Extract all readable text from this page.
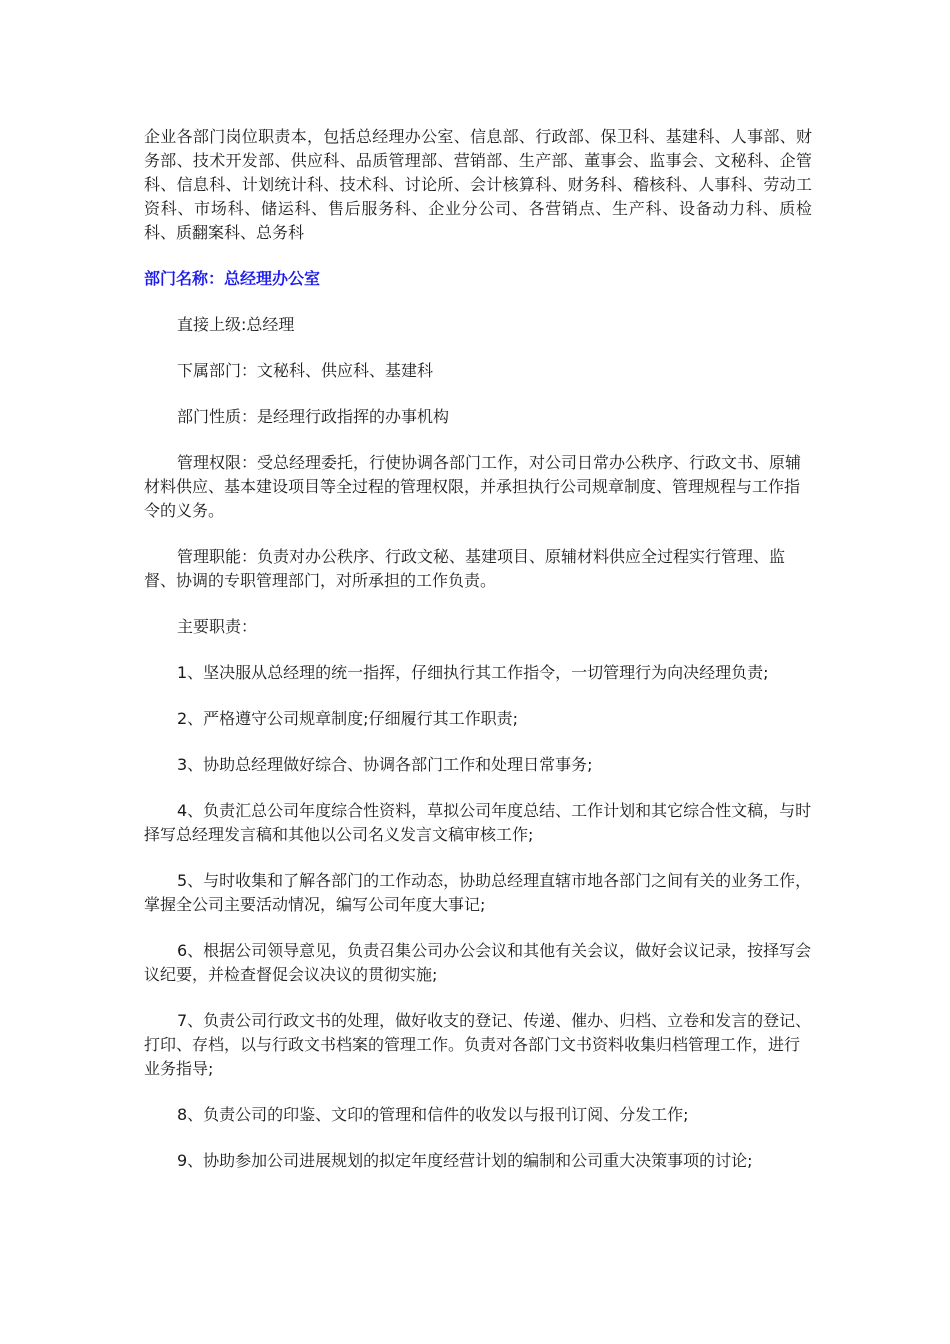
企业各部门岗位职责本，包括总经理办公室、信息部、行政部、保卫科、基建科、人事部、财务部、技术开发部、供应科、品质管理部、营销部、生产部、董事会、监事会、文秘科、企管科、信息科、计划统计科、技术科、讨论所、会计核算科、财务科、稽核科、人事科、劳动工资科、市场科、储运科、售后服务科、企业分公司、各营销点、生产科、设备动力科、质检科、质翻案科、总务科

部门名称：总经理办公室

直接上级:总经理

下属部门：文秘科、供应科、基建科

部门性质：是经理行政指挥的办事机构

管理权限：受总经理委托，行使协调各部门工作，对公司日常办公秩序、行政文书、原辅材料供应、基本建设项目等全过程的管理权限，并承担执行公司规章制度、管理规程与工作指令的义务。

管理职能：负责对办公秩序、行政文秘、基建项目、原辅材料供应全过程实行管理、监督、协调的专职管理部门，对所承担的工作负责。

主要职责：

1、坚决服从总经理的统一指挥，仔细执行其工作指令，一切管理行为向决经理负责;

2、严格遵守公司规章制度;仔细履行其工作职责;

3、协助总经理做好综合、协调各部门工作和处理日常事务;

4、负责汇总公司年度综合性资料，草拟公司年度总结、工作计划和其它综合性文稿，与时择写总经理发言稿和其他以公司名义发言文稿审核工作;

5、与时收集和了解各部门的工作动态，协助总经理直辖市地各部门之间有关的业务工作，掌握全公司主要活动情况，编写公司年度大事记;

6、根据公司领导意见，负责召集公司办公会议和其他有关会议，做好会议记录，按择写会议纪要，并检查督促会议决议的贯彻实施;

7、负责公司行政文书的处理，做好收支的登记、传递、催办、归档、立卷和发言的登记、打印、存档，以与行政文书档案的管理工作。负责对各部门文书资料收集归档管理工作，进行业务指导;

8、负责公司的印鉴、文印的管理和信件的收发以与报刊订阅、分发工作;

9、协助参加公司进展规划的拟定年度经营计划的编制和公司重大决策事项的讨论;
